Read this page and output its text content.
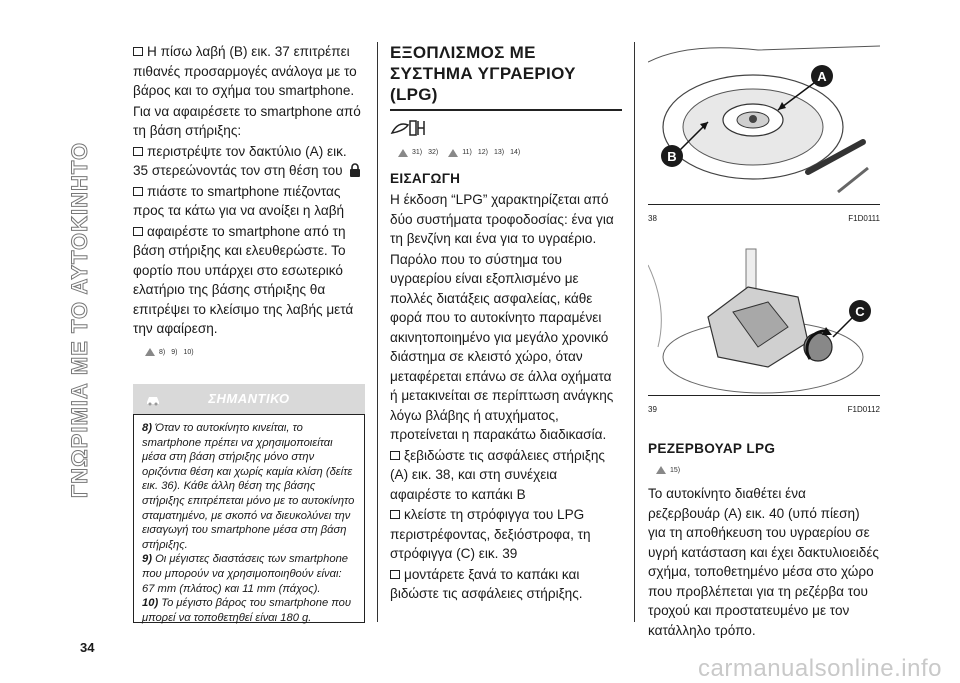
ΓΝΩΡΙΜΙΑ ΜΕ ΤΟ ΑΥΤΟΚΙΝΗΤΟ
Η πίσω λαβή (B) εικ. 37 επιτρέπει πιθανές προσαρμογές ανάλογα με το βάρος και το σχήμα του smartphone.
Για να αφαιρέσετε το smartphone από τη βάση στήριξης:
περιστρέψτε τον δακτύλιο (A) εικ. 35 στερεώνοντάς τον στη θέση του
πιάστε το smartphone πιέζοντας προς τα κάτω για να ανοίξει η λαβή
αφαιρέστε το smartphone από τη βάση στήριξης και ελευθερώστε. Το φορτίο που υπάρχει στο εσωτερικό ελατήριο της βάσης στήριξης θα επιτρέψει το κλείσιμο της λαβής μετά την αφαίρεση.
8) 9) 10)
ΣΗΜΑΝΤΙΚΟ
8) Όταν το αυτοκίνητο κινείται, το smartphone πρέπει να χρησιμοποιείται μέσα στη βάση στήριξης μόνο στην οριζόντια θέση και χωρίς καμία κλίση (δείτε εικ. 36). Κάθε άλλη θέση της βάσης στήριξης επιτρέπεται μόνο με το αυτοκίνητο σταματημένο, με σκοπό να διευκολύνει την εισαγωγή του smartphone μέσα στη βάση στήριξης.
9) Οι μέγιστες διαστάσεις των smartphone που μπορούν να χρησιμοποιηθούν είναι: 67 mm (πλάτος) και 11 mm (πάχος).
10) Το μέγιστο βάρος του smartphone που μπορεί να τοποθετηθεί είναι 180 g.
ΕΞΟΠΛΙΣΜΟΣ ΜΕ ΣΥΣΤΗΜΑ ΥΓΡΑΕΡΙΟΥ (LPG)
31) 32)	11) 12) 13) 14)
ΕΙΣΑΓΩΓΗ
Η έκδοση “LPG” χαρακτηρίζεται από δύο συστήματα τροφοδοσίας: ένα για τη βενζίνη και ένα για το υγραέριο.
Παρόλο που το σύστημα του υγραερίου είναι εξοπλισμένο με πολλές διατάξεις ασφαλείας, κάθε φορά που το αυτοκίνητο παραμένει ακινητοποιημένο για μεγάλο χρονικό διάστημα σε κλειστό χώρο, όταν μεταφέρεται επάνω σε άλλα οχήματα ή μετακινείται σε περίπτωση ανάγκης λόγω βλάβης ή ατυχήματος, προτείνεται η παρακάτω διαδικασία.
ξεβιδώστε τις ασφάλειες στήριξης (A) εικ. 38, και στη συνέχεια αφαιρέστε το καπάκι B
κλείστε τη στρόφιγγα του LPG περιστρέφοντας, δεξιόστροφα, τη στρόφιγγα (C) εικ. 39
μοντάρετε ξανά το καπάκι και βιδώστε τις ασφάλειες στήριξης.
A
B
38	F1D0111
C
39	F1D0112
ΡΕΖΕΡΒΟΥΑΡ LPG
15)
Το αυτοκίνητο διαθέτει ένα ρεζερβουάρ (A) εικ. 40 (υπό πίεση) για τη αποθήκευση του υγραερίου σε υγρή κατάσταση και έχει δακτυλιοειδές σχήμα, τοποθετημένο μέσα στο χώρο που προβλέπεται για τη ρεζέρβα του τροχού και προστατευμένο με τον κατάλληλο τρόπο.
34
carmanualsonline.info
